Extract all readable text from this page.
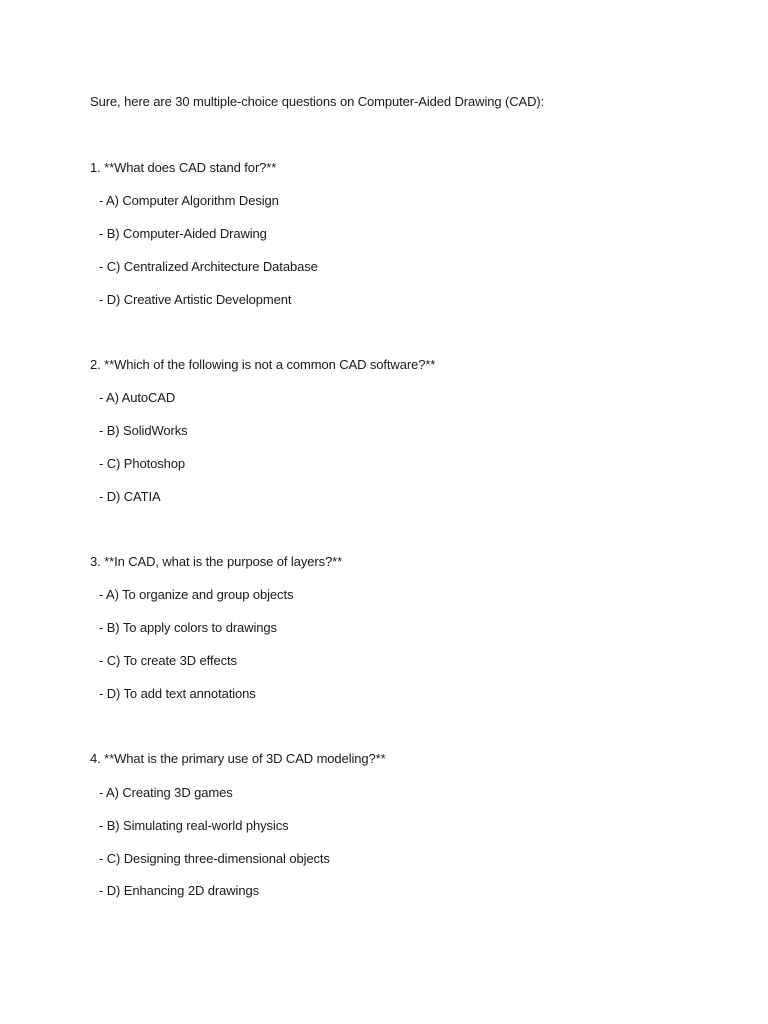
Sure, here are 30 multiple-choice questions on Computer-Aided Drawing (CAD):
1. **What does CAD stand for?**
- A) Computer Algorithm Design
- B) Computer-Aided Drawing
- C) Centralized Architecture Database
- D) Creative Artistic Development
2. **Which of the following is not a common CAD software?**
- A) AutoCAD
- B) SolidWorks
- C) Photoshop
- D) CATIA
3. **In CAD, what is the purpose of layers?**
- A) To organize and group objects
- B) To apply colors to drawings
- C) To create 3D effects
- D) To add text annotations
4. **What is the primary use of 3D CAD modeling?**
- A) Creating 3D games
- B) Simulating real-world physics
- C) Designing three-dimensional objects
- D) Enhancing 2D drawings
